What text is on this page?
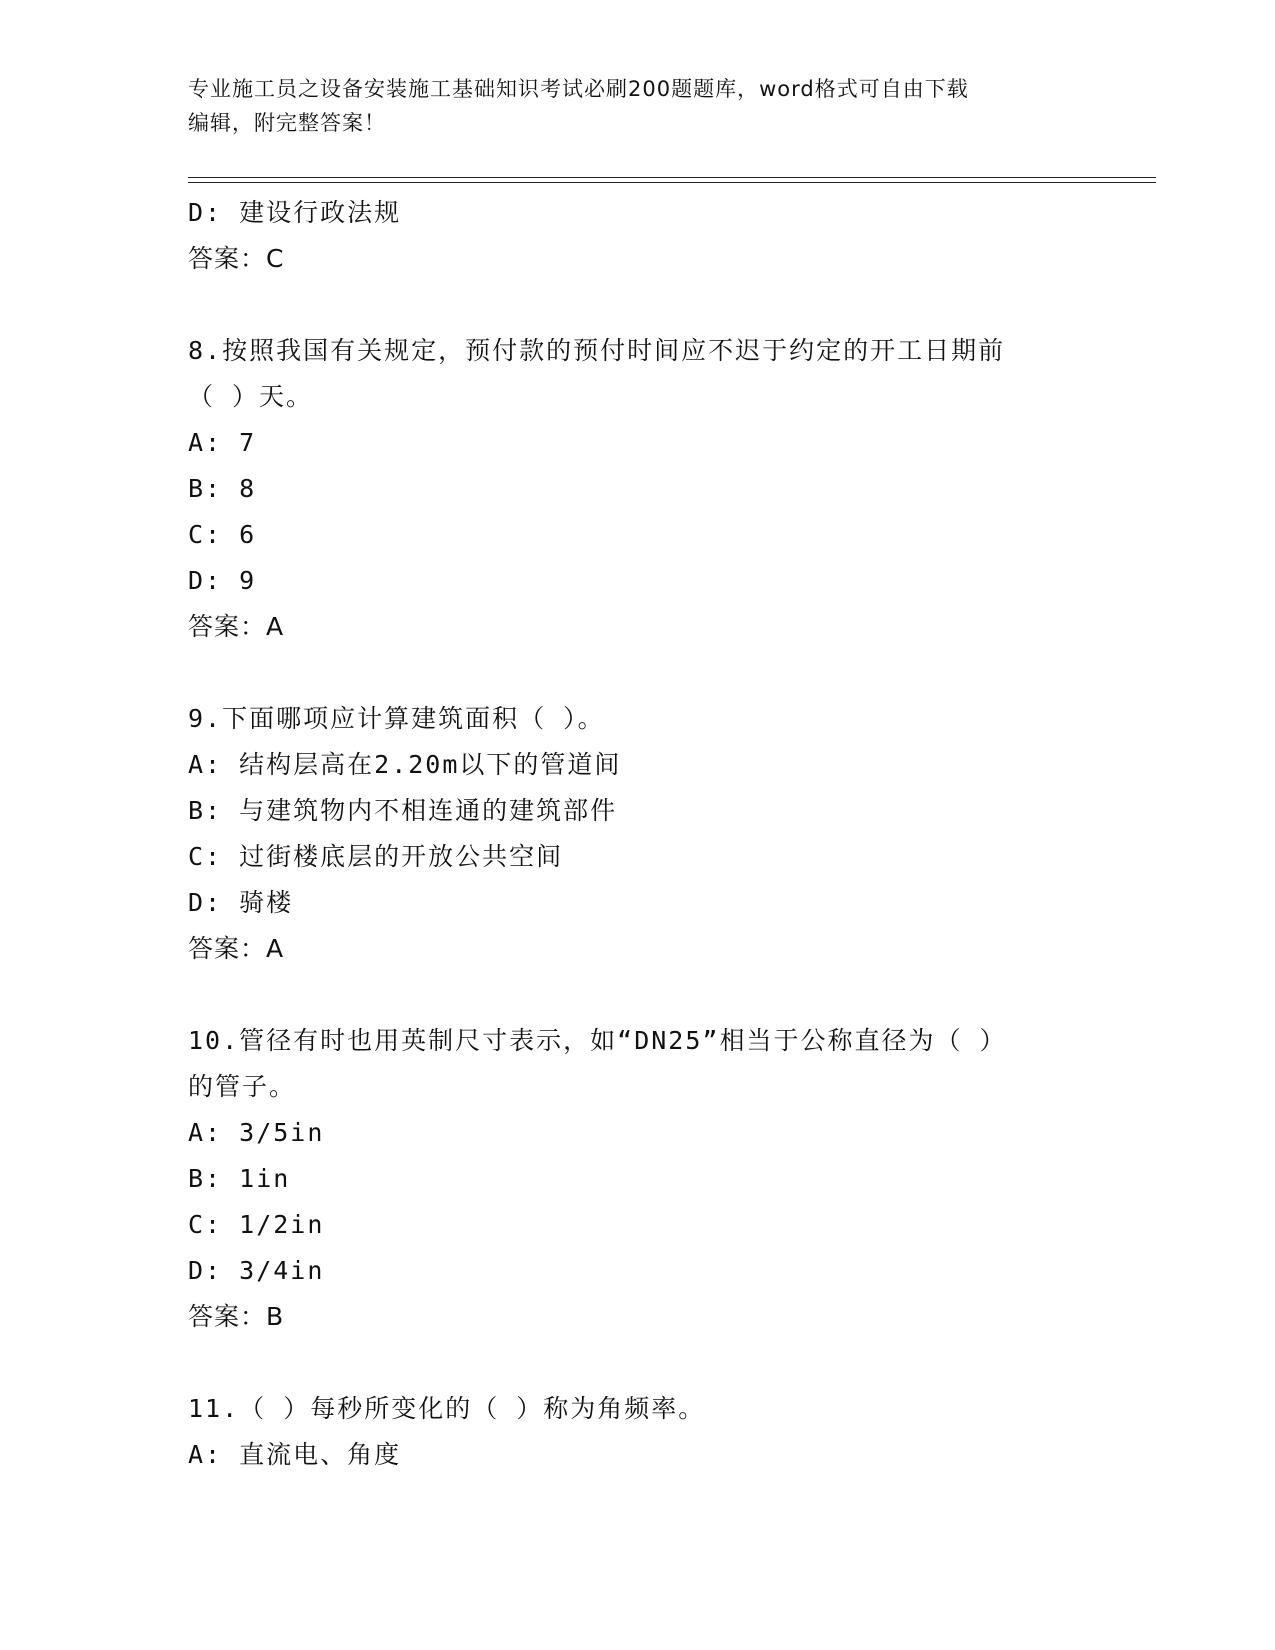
专业施工员之设备安装施工基础知识考试必刷200题题库，word格式可自由下载
编辑，附完整答案！
D: 建设行政法规
答案：C
8.按照我国有关规定，预付款的预付时间应不迟于约定的开工日期前
（ ）天。
A: 7
B: 8
C: 6
D: 9
答案：A
9.下面哪项应计算建筑面积（ ）。
A: 结构层高在2.20m以下的管道间
B: 与建筑物内不相连通的建筑部件
C: 过街楼底层的开放公共空间
D: 骑楼
答案：A
10.管径有时也用英制尺寸表示，如“DN25”相当于公称直径为（ ）
的管子。
A: 3/5in
B: 1in
C: 1/2in
D: 3/4in
答案：B
11.（ ）每秒所变化的（ ）称为角频率。
A: 直流电、角度
